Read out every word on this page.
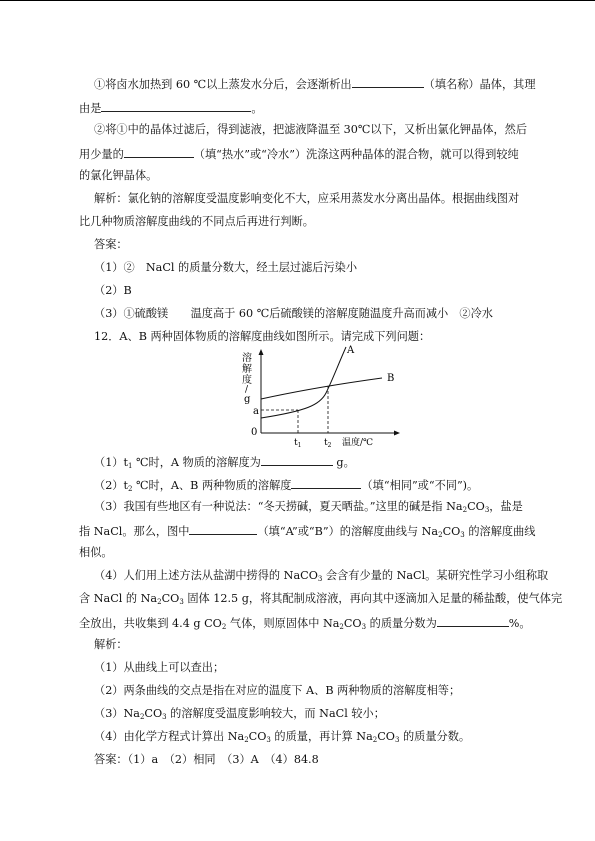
①将卤水加热到 60 ℃以上蒸发水分后，会逐渐析出	（填名称）晶体，其理
由是	。
②将①中的晶体过滤后，得到滤液，把滤液降温至 30℃以下，又析出氯化钾晶体，然后
用少量的	（填“热水”或“冷水”）洗涤这两种晶体的混合物，就可以得到较纯
的氯化钾晶体。
解析：氯化钠的溶解度受温度影响变化不大，应采用蒸发水分离出晶体。根据曲线图对
比几种物质溶解度曲线的不同点后再进行判断。
答案：
（1）②　NaCl 的质量分数大，经土层过滤后污染小
（2）B
（3）①硫酸镁　　温度高于 60 ℃后硫酸镁的溶解度随温度升高而减小　②冷水
12．A、B 两种固体物质的溶解度曲线如图所示。请完成下列问题：
溶
解
度
/
g
0
a
A
B
$t_1$	$t_2$ 温度/℃
$(1)t_1$ ℃时，A 物质的溶解度为	g。
$(2)t_2$ ℃时，A、B 两种物质的溶解度	（填“相同”或“不同”)。
（3）我国有些地区有一种说法：“冬天捞碱，夏天晒盐。”这里的碱是指 $Na_2CO_3$，盐是
指 NaCl。那么，图中	（填“A”或“B”）的溶解度曲线与 $Na_2CO_3$ 的溶解度曲线
相似。
（4）人们用上述方法从盐湖中捞得的 NaCO$_3$ 会含有少量的 NaCl。某研究性学习小组称取
含 NaCl 的 $Na_2CO_3$ 固体 12.5 g，将其配制成溶液，再向其中逐滴加入足量的稀盐酸，使气体完
全放出，共收集到 4.4 g $CO_2$ 气体，则原固体中 $Na_2CO_3$ 的质量分数为	%。
解析：
（1）从曲线上可以查出；
（2）两条曲线的交点是指在对应的温度下 A、B 两种物质的溶解度相等；
$(3)Na_2CO_3$ 的溶解度受温度影响较大，而 NaCl 较小；
（4）由化学方程式计算出 $Na_2CO_3$ 的质量，再计算 $Na_2CO_3$ 的质量分数。
答案：（1）a　（2）相同　（3）A　（4）84.8
